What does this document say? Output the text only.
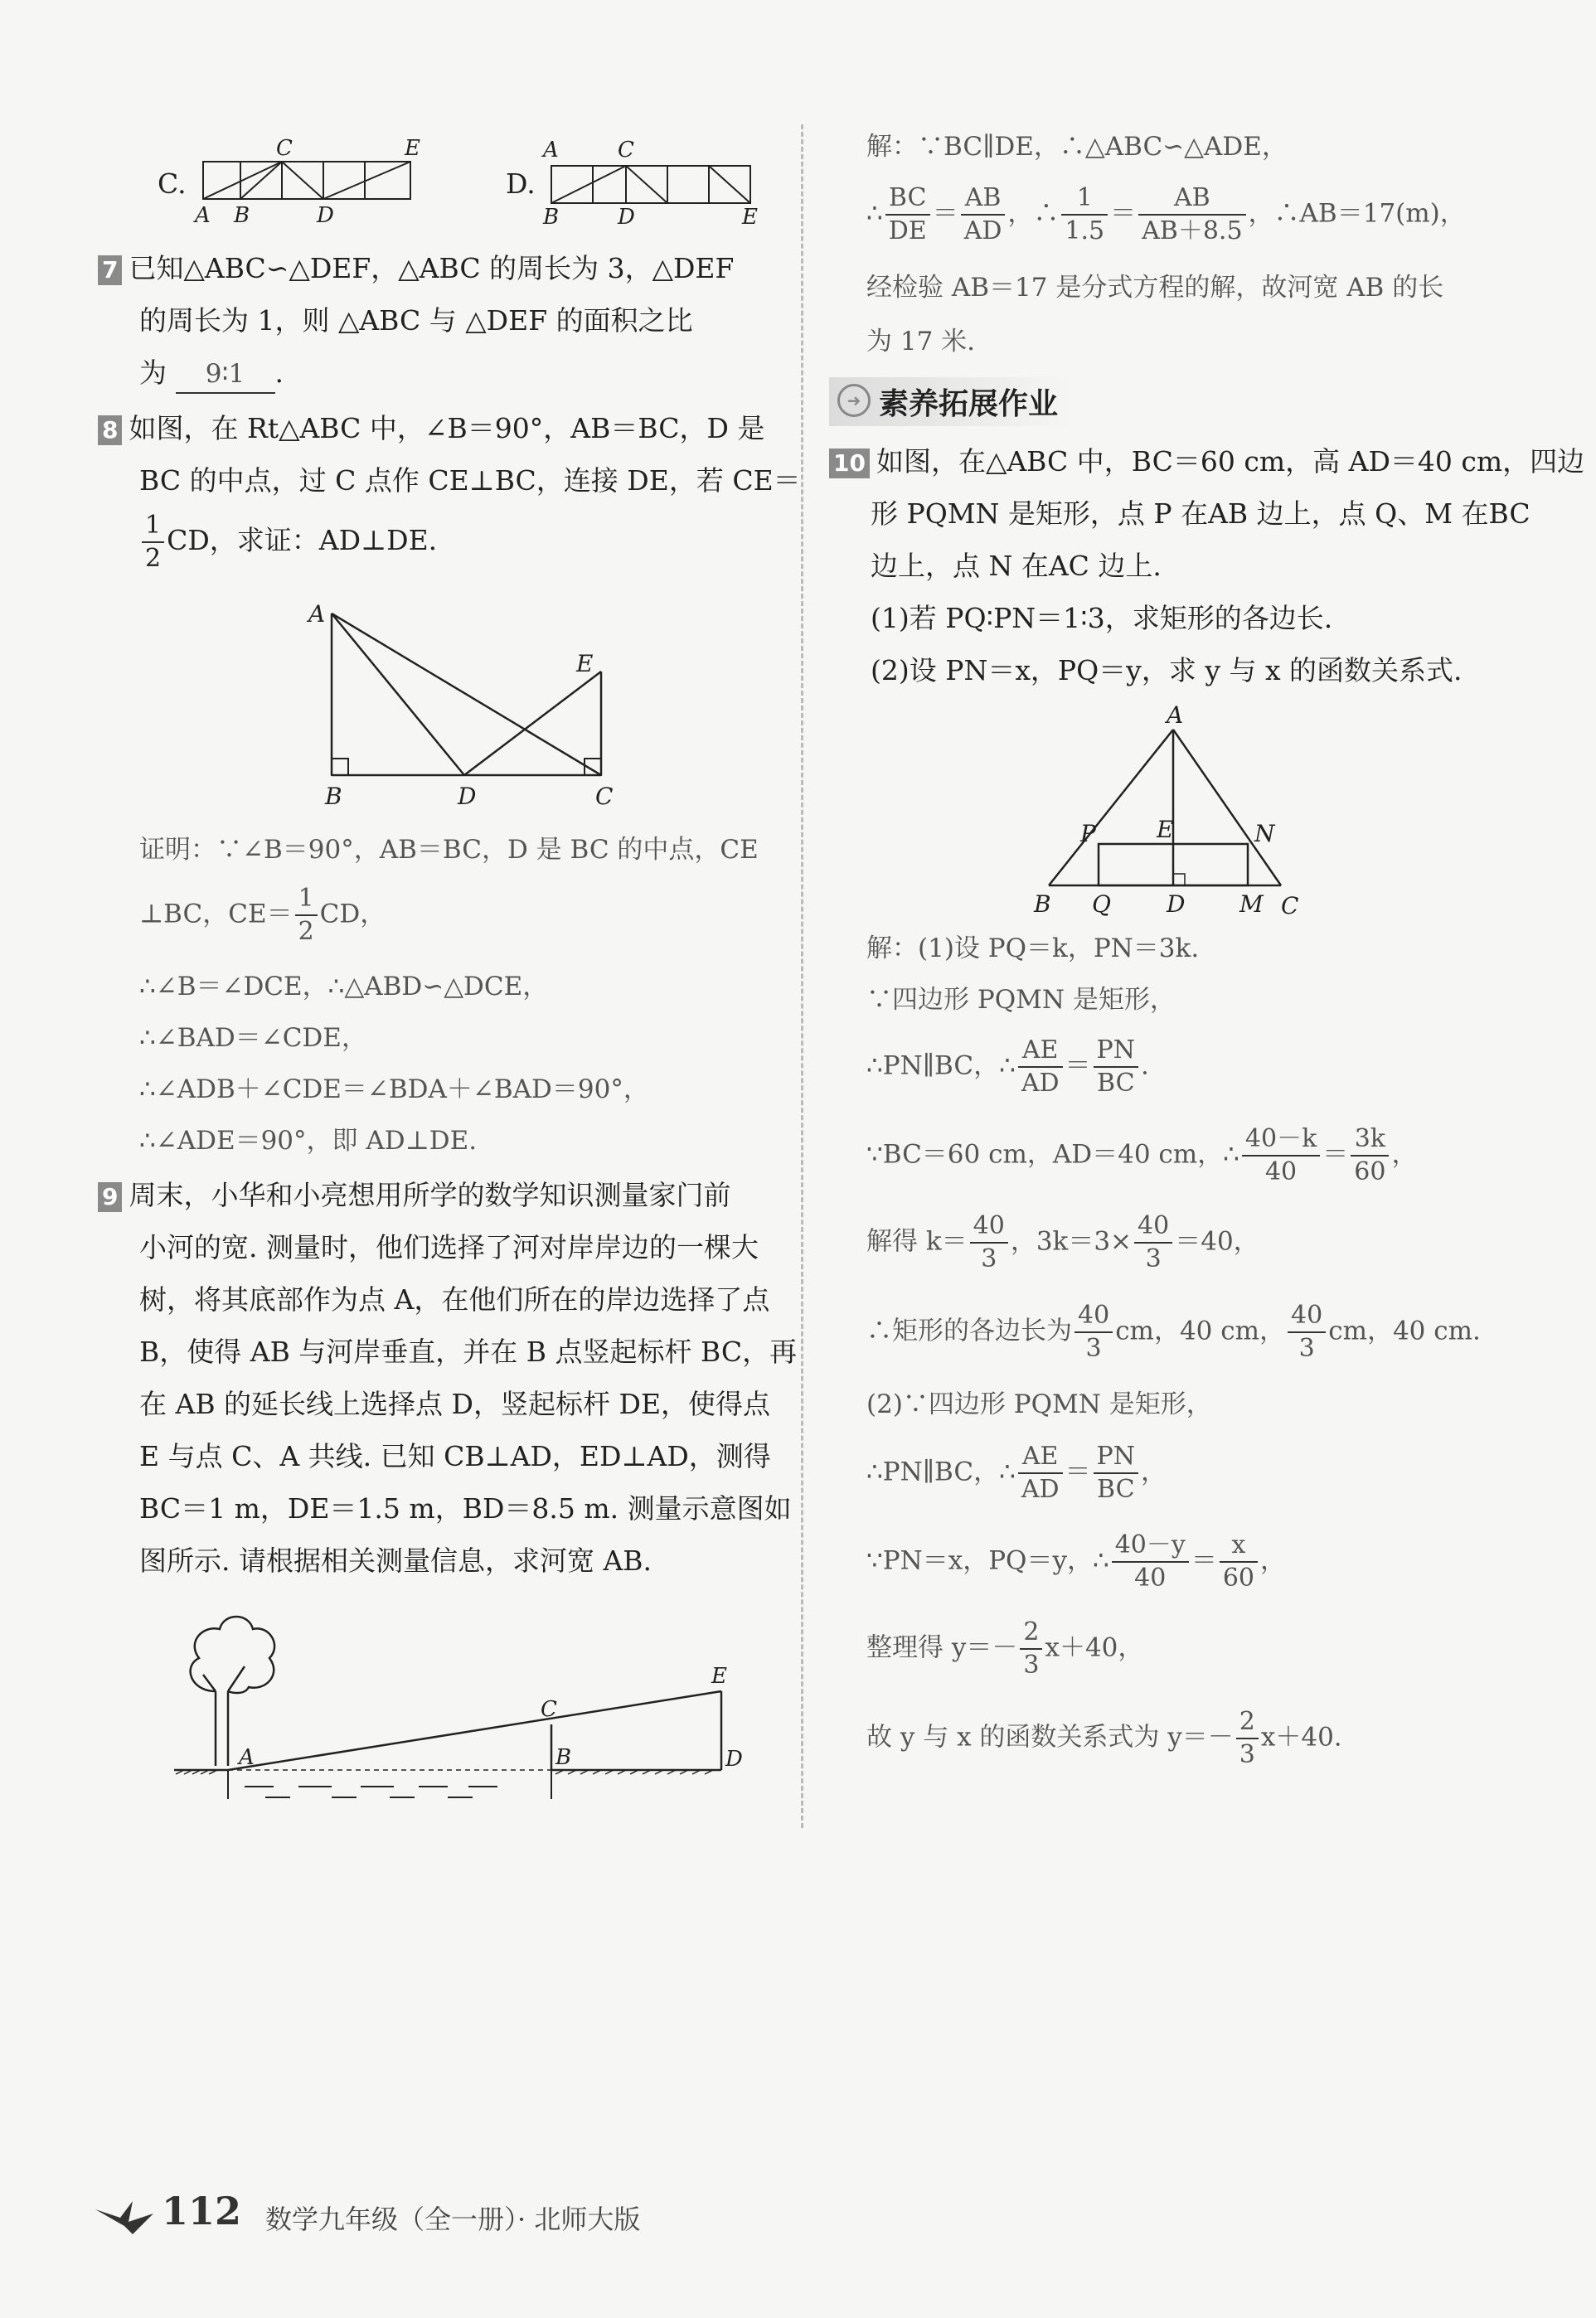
C.
C	E
A B	D
D.
A	C
B	D	E
7 已知△ABC∽△DEF，△ABC 的周长为 3，△DEF
的周长为 1，则 △ABC 与 △DEF 的面积之比
为 9∶1 .
8 如图，在 Rt△ABC 中，∠B＝90°，AB＝BC，D 是
BC 的中点，过 C 点作 CE⊥BC，连接 DE，若 CE＝
$\frac{1}{2}$ CD，求证：AD⊥DE.
A
E
B	D	C
证明：∵∠B＝90°，AB＝BC，D 是 BC 的中点，CE
⊥BC，$CE= \frac{1}{2}$ CD，
∴∠B＝∠DCE，∴△ABD∽△DCE，
∴∠BAD＝∠CDE，
∴∠ADB＋∠CDE＝∠BDA＋∠BAD＝90°，
∴∠ADE＝90°，即 AD⊥DE.
9 周末，小华和小亮想用所学的数学知识测量家门前
小河的宽. 测量时，他们选择了河对岸岸边的一棵大
树，将其底部作为点 A，在他们所在的岸边选择了点
B，使得 AB 与河岸垂直，并在 B 点竖起标杆 BC，再
在 AB 的延长线上选择点 D，竖起标杆 DE，使得点
E 与点 C、A 共线. 已知 CB⊥AD，ED⊥AD，测得
BC＝1 m，DE＝1.5 m，BD＝8.5 m. 测量示意图如
图所示. 请根据相关测量信息，求河宽 AB.
A
C
B
E
D
解：∵BC∥DE，∴△ABC∽△ADE，
∴ $\frac{BC}{DE} = \frac{AB}{AD}$ ，∴ $\frac{1}{1.5} = \frac{AB}{AB+8.5}$ ，∴AB＝17(m)，
经检验 AB＝17 是分式方程的解，故河宽 AB 的长
为 17 米.
➜ 素养拓展作业
10 如图，在△ABC 中，BC＝60 cm，高 AD＝40 cm，四边
形 PQMN 是矩形，点 P 在AB 边上，点 Q、M 在BC
边上，点 N 在AC 边上.
(1)若 PQ∶PN＝1∶3，求矩形的各边长.
(2)设 PN＝x，PQ＝y，求 y 与 x 的函数关系式.
A
P	E	N
B Q D M C
解：(1)设 PQ＝k，PN＝3k.
∵四边形 PQMN 是矩形，
∴PN∥BC，∴ $\frac{AE}{AD} = \frac{PN}{BC}$ .
∵BC＝60 cm，AD＝40 cm，∴ $\frac{40-k}{40} = \frac{3k}{60}$ ，
解得 $k= \frac{40}{3}$ ，$3k=3\times \frac{40}{3} =40$，
∴矩形的各边长为 $\frac{40}{3}$ cm，40 cm， $\frac{40}{3}$ cm，40 cm.
(2)∵四边形 PQMN 是矩形，
∴PN∥BC，∴ $\frac{AE}{AD} = \frac{PN}{BC}$ ，
∵PN＝x，PQ＝y，∴ $\frac{40-y}{40} = \frac{x}{60}$ ，
整理得 $y=- \frac{2}{3} x+40$，
故 y 与 x 的函数关系式为 $y=- \frac{2}{3} x+40$.
112 数学九年级（全一册）· 北师大版
